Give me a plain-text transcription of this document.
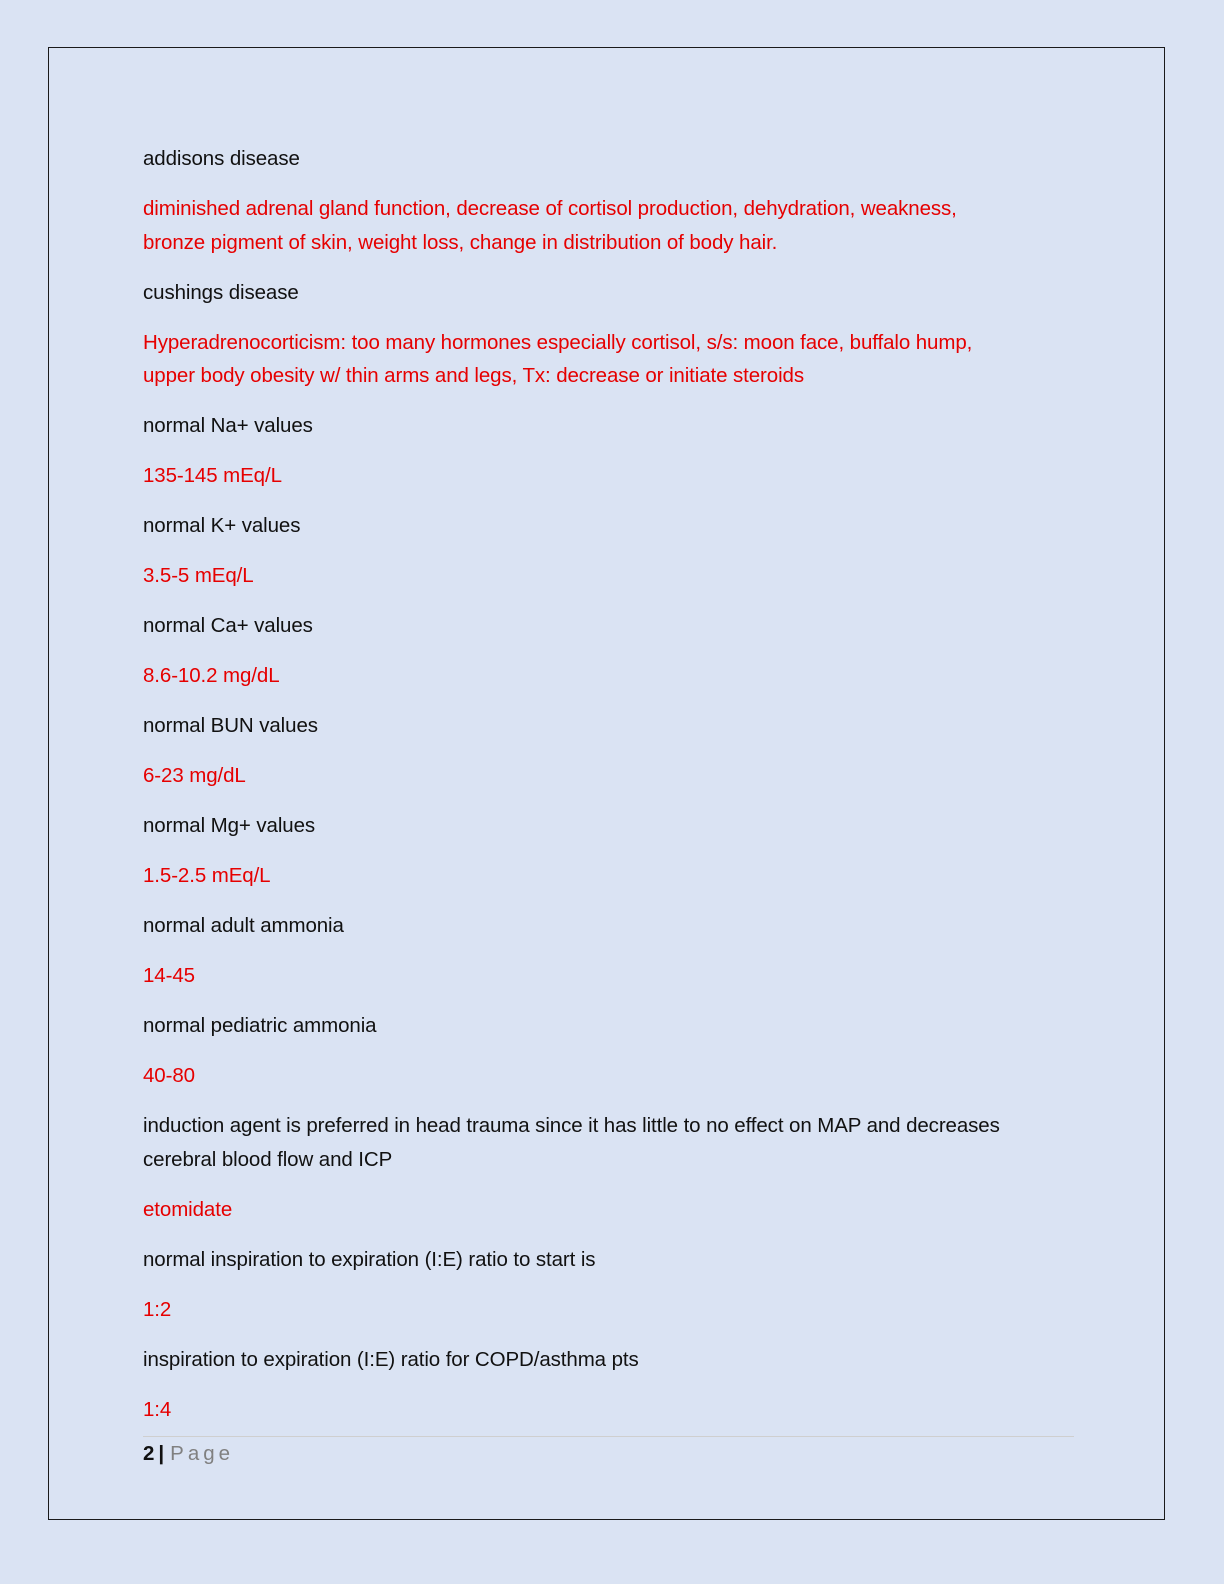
addisons disease

diminished adrenal gland function, decrease of cortisol production, dehydration, weakness,
bronze pigment of skin, weight loss, change in distribution of body hair.

cushings disease

Hyperadrenocorticism: too many hormones especially cortisol, s/s: moon face, buffalo hump,
upper body obesity w/ thin arms and legs, Tx: decrease or initiate steroids

normal Na+ values

135-145 mEq/L

normal K+ values

3.5-5 mEq/L

normal Ca+ values

8.6-10.2 mg/dL

normal BUN values

6-23 mg/dL

normal Mg+ values

1.5-2.5 mEq/L

normal adult ammonia

14-45

normal pediatric ammonia

40-80

induction agent is preferred in head trauma since it has little to no effect on MAP and decreases
cerebral blood flow and ICP

etomidate

normal inspiration to expiration (I:E) ratio to start is

1:2

inspiration to expiration (I:E) ratio for COPD/asthma pts

1:4

2 | Page
